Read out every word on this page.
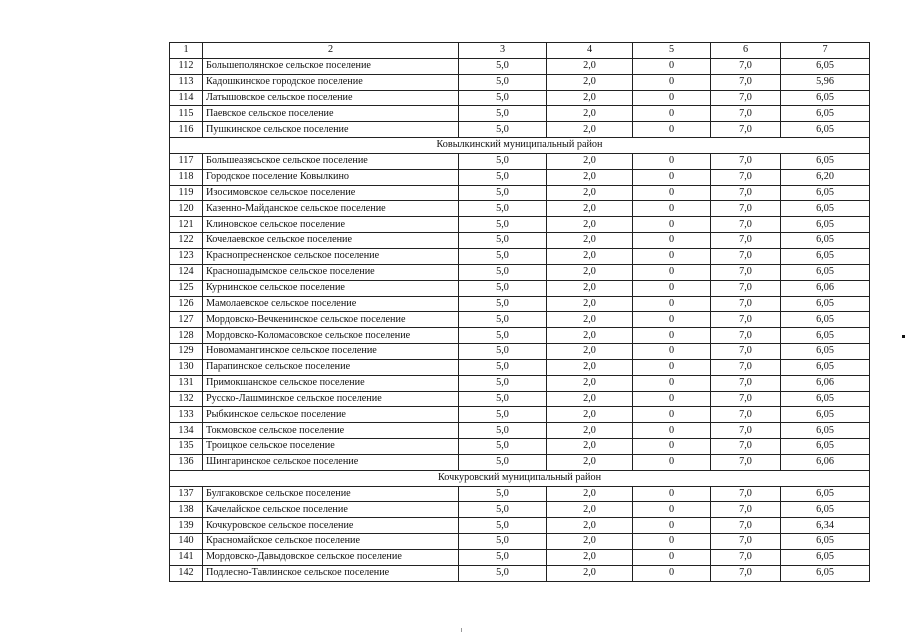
1	2	3	4	5	6	7
112	Большеполянское сельское поселение	5,0	2,0	0	7,0	6,05
113	Кадошкинское городское поселение	5,0	2,0	0	7,0	5,96
114	Латышовское сельское поселение	5,0	2,0	0	7,0	6,05
115	Паевское сельское поселение	5,0	2,0	0	7,0	6,05
116	Пушкинское сельское поселение	5,0	2,0	0	7,0	6,05
Ковылкинский муниципальный район						
117	Большеазясьское сельское поселение	5,0	2,0	0	7,0	6,05
118	Городское поселение Ковылкино	5,0	2,0	0	7,0	6,20
119	Изосимовское сельское поселение	5,0	2,0	0	7,0	6,05
120	Казенно-Майданское сельское поселение	5,0	2,0	0	7,0	6,05
121	Клиновское сельское поселение	5,0	2,0	0	7,0	6,05
122	Кочелаевское сельское поселение	5,0	2,0	0	7,0	6,05
123	Краснопресненское сельское поселение	5,0	2,0	0	7,0	6,05
124	Красношадымское сельское поселение	5,0	2,0	0	7,0	6,05
125	Курнинское сельское поселение	5,0	2,0	0	7,0	6,06
126	Мамолаевское сельское поселение	5,0	2,0	0	7,0	6,05
127	Мордовско-Вечкенинское сельское поселение	5,0	2,0	0	7,0	6,05
128	Мордовско-Коломасовское сельское поселение	5,0	2,0	0	7,0	6,05
129	Новомамангинское сельское поселение	5,0	2,0	0	7,0	6,05
130	Парапинское сельское поселение	5,0	2,0	0	7,0	6,05
131	Примокшанское сельское поселение	5,0	2,0	0	7,0	6,06
132	Русско-Лашминское сельское поселение	5,0	2,0	0	7,0	6,05
133	Рыбкинское сельское поселение	5,0	2,0	0	7,0	6,05
134	Токмовское сельское поселение	5,0	2,0	0	7,0	6,05
135	Троицкое сельское поселение	5,0	2,0	0	7,0	6,05
136	Шингаринское сельское поселение	5,0	2,0	0	7,0	6,06
Кочкуровский муниципальный район						
137	Булгаковское сельское поселение	5,0	2,0	0	7,0	6,05
138	Качелайское сельское поселение	5,0	2,0	0	7,0	6,05
139	Кочкуровское сельское поселение	5,0	2,0	0	7,0	6,34
140	Красномайское сельское поселение	5,0	2,0	0	7,0	6,05
141	Мордовско-Давыдовское сельское поселение	5,0	2,0	0	7,0	6,05
142	Подлесно-Тавлинское сельское поселение	5,0	2,0	0	7,0	6,05
